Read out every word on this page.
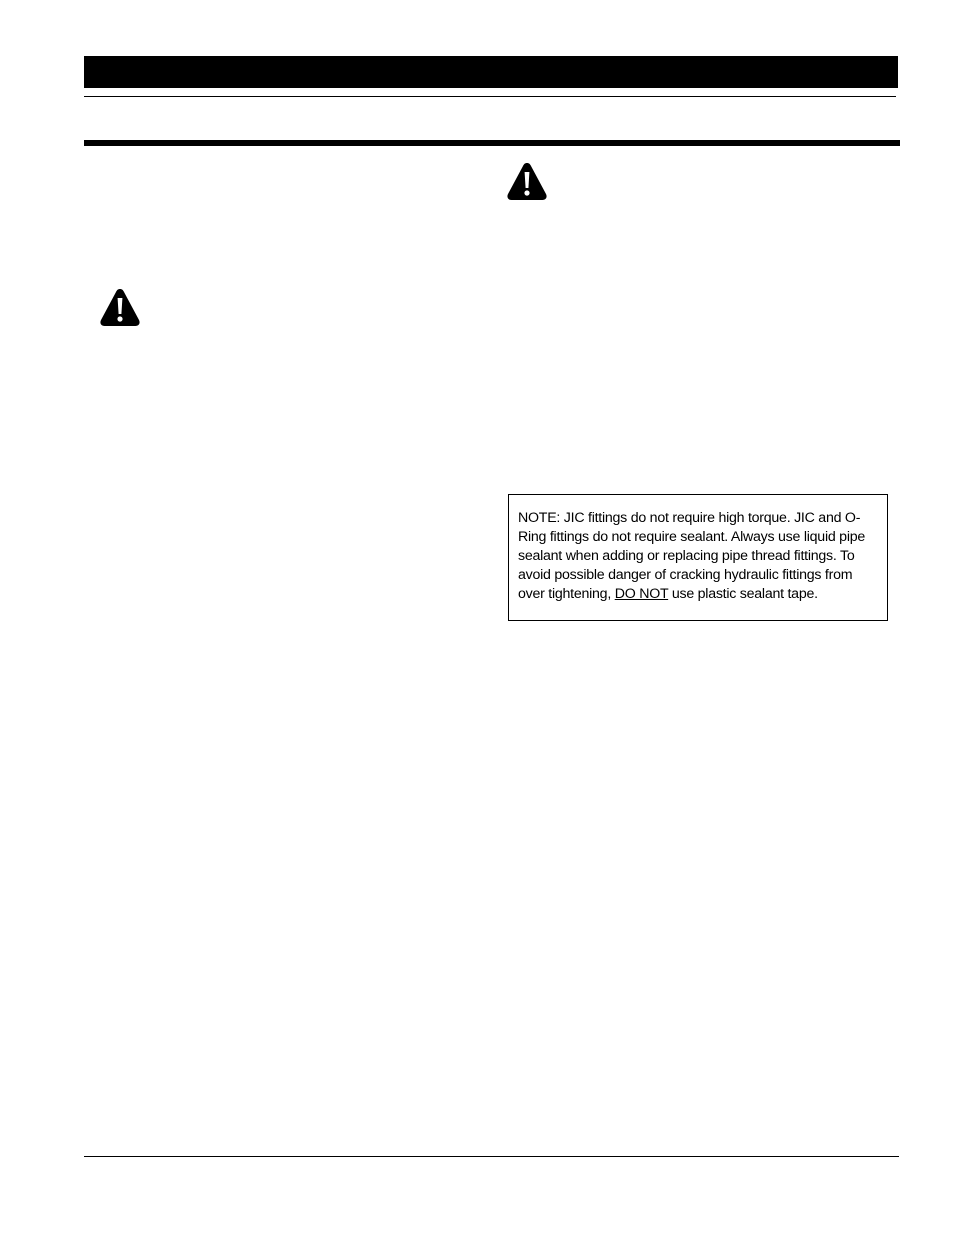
NOTE: JIC fittings do not require high torque. JIC and O-Ring fittings do not require sealant. Always use liquid pipe sealant when adding or replacing pipe thread fittings. To avoid possible danger of cracking hydraulic fittings from over tightening, DO NOT use plastic sealant tape.
